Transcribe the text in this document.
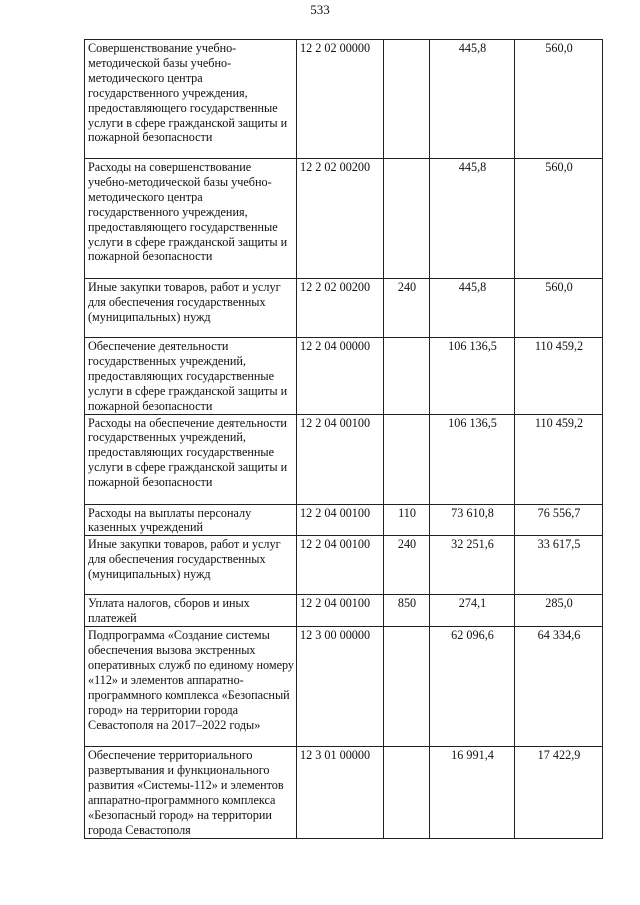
533
Совершенствование учебно-методической базы учебно-методического центра государственного учреждения, предоставляющего государственные услуги в сфере гражданской защиты и пожарной безопасности	12 2 02 00000		445,8	560,0
Расходы на совершенствование учебно-методической базы учебно-методического центра государственного учреждения, предоставляющего государственные услуги в сфере гражданской защиты и пожарной безопасности	12 2 02 00200		445,8	560,0
Иные закупки товаров, работ и услуг для обеспечения государственных (муниципальных) нужд	12 2 02 00200	240	445,8	560,0
Обеспечение деятельности государственных учреждений, предоставляющих государственные услуги в сфере гражданской защиты и пожарной безопасности	12 2 04 00000		106 136,5	110 459,2
Расходы на обеспечение деятельности государственных учреждений, предоставляющих государственные услуги в сфере гражданской защиты и пожарной безопасности	12 2 04 00100		106 136,5	110 459,2
Расходы на выплаты персоналу казенных учреждений	12 2 04 00100	110	73 610,8	76 556,7
Иные закупки товаров, работ и услуг для обеспечения государственных (муниципальных) нужд	12 2 04 00100	240	32 251,6	33 617,5
Уплата налогов, сборов и иных платежей	12 2 04 00100	850	274,1	285,0
Подпрограмма «Создание системы обеспечения вызова экстренных оперативных служб по единому номеру «112» и элементов аппаратно-программного комплекса «Безопасный город» на территории города Севастополя на 2017–2022 годы»	12 3 00 00000		62 096,6	64 334,6
Обеспечение территориального развертывания и функционального развития «Системы-112» и элементов аппаратно-программного комплекса «Безопасный город» на территории города Севастополя	12 3 01 00000		16 991,4	17 422,9
